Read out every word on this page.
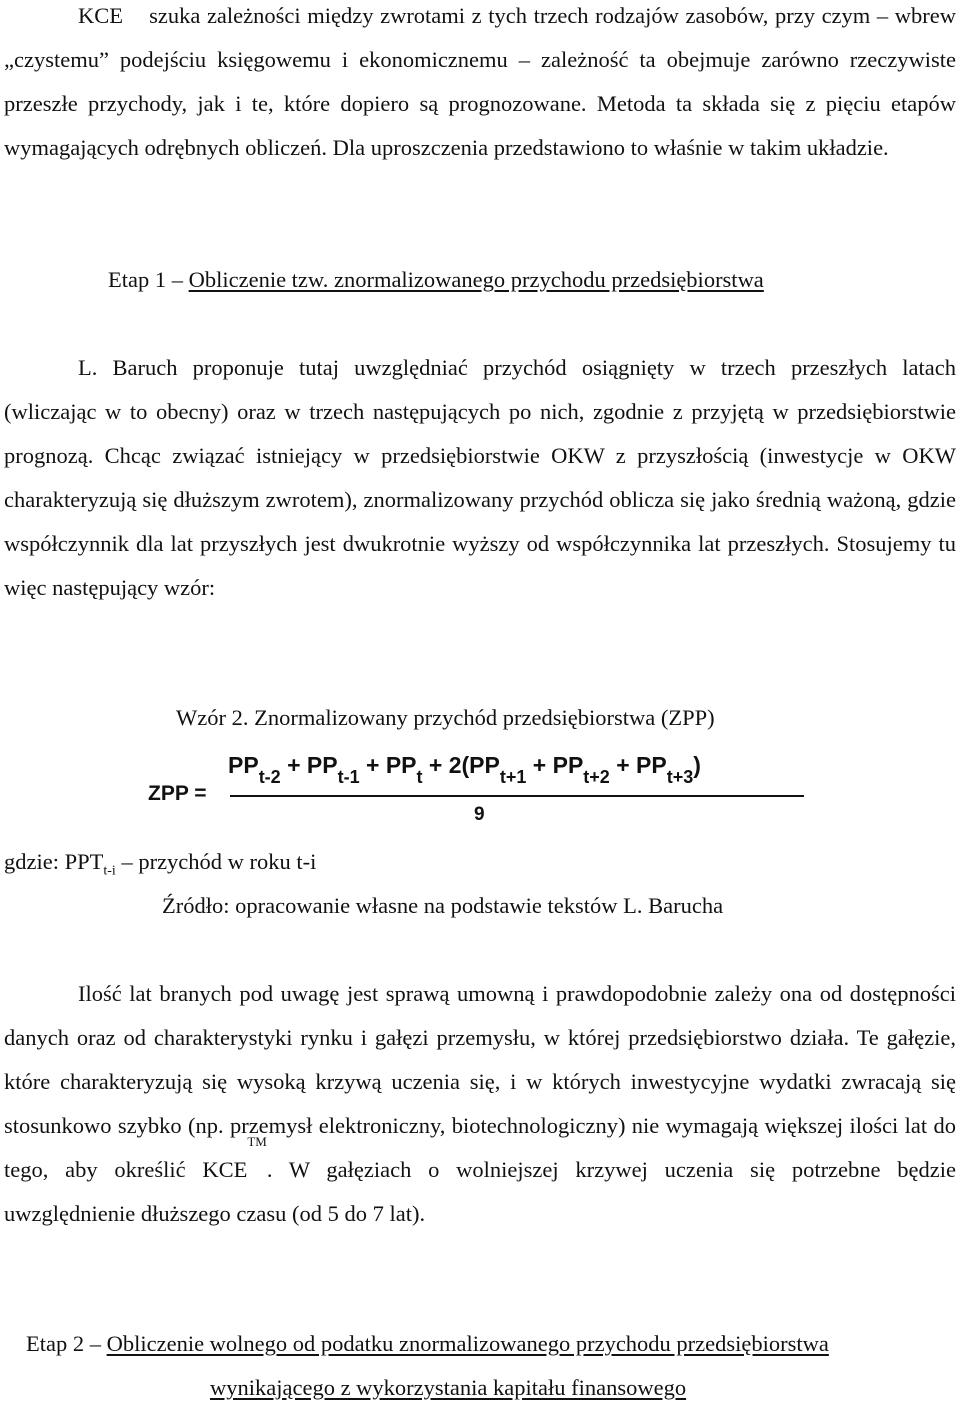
KCE szuka zależności między zwrotami z tych trzech rodzajów zasobów, przy czym – wbrew „czystemu” podejściu księgowemu i ekonomicznemu – zależność ta obejmuje zarówno rzeczywiste przeszłe przychody, jak i te, które dopiero są prognozowane. Metoda ta składa się z pięciu etapów wymagających odrębnych obliczeń. Dla uproszczenia przedstawiono to właśnie w takim układzie.

Etap 1 – Obliczenie tzw. znormalizowanego przychodu przedsiębiorstwa

L. Baruch proponuje tutaj uwzględniać przychód osiągnięty w trzech przeszłych latach (wliczając w to obecny) oraz w trzech następujących po nich, zgodnie z przyjętą w przedsiębiorstwie prognozą. Chcąc związać istniejący w przedsiębiorstwie OKW z przyszłością (inwestycje w OKW charakteryzują się dłuższym zwrotem), znormalizowany przychód oblicza się jako średnią ważoną, gdzie współczynnik dla lat przyszłych jest dwukrotnie wyższy od współczynnika lat przeszłych. Stosujemy tu więc następujący wzór:

Wzór 2. Znormalizowany przychód przedsiębiorstwa (ZPP)

ZPP =
$PP_{t-2} + PP_{t-1} + PP_t + 2(PP_{t+1} + PP_{t+2} + PP_{t+3})$
9

gdzie: $PPT_{t-i}$ – przychód w roku t-i

Źródło: opracowanie własne na podstawie tekstów L. Barucha

Ilość lat branych pod uwagę jest sprawą umowną i prawdopodobnie zależy ona od dostępności danych oraz od charakterystyki rynku i gałęzi przemysłu, w której przedsiębiorstwo działa. Te gałęzie, które charakteryzują się wysoką krzywą uczenia się, i w których inwestycyjne wydatki zwracają się stosunkowo szybko (np. przemysł elektroniczny, biotechnologiczny) nie wymagają większej ilości lat do tego, aby określić KCE™. W gałęziach o wolniejszej krzywej uczenia się potrzebne będzie uwzględnienie dłuższego czasu (od 5 do 7 lat).

Etap 2 – Obliczenie wolnego od podatku znormalizowanego przychodu przedsiębiorstwa

wynikającego z wykorzystania kapitału finansowego
